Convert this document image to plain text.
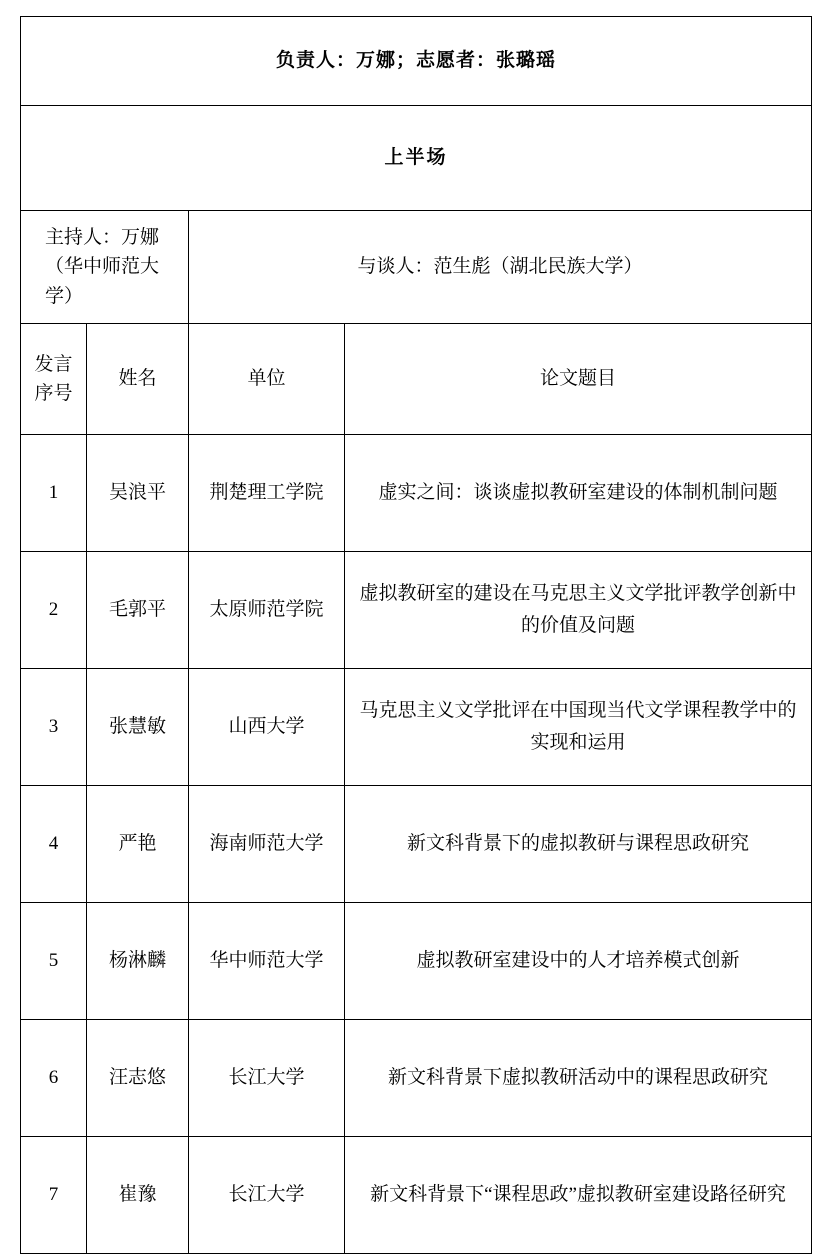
负责人：万娜；志愿者：张璐瑶			
上半场			
主持人：万娜（华中师范大学）		与谈人：范生彪（湖北民族大学）	

发言
序号	姓名	单位	论文题目
1	吴浪平	荆楚理工学院	虚实之间：谈谈虚拟教研室建设的体制机制问题
2	毛郭平	太原师范学院	虚拟教研室的建设在马克思主义文学批评教学创新中的价值及问题
3	张慧敏	山西大学	马克思主义文学批评在中国现当代文学课程教学中的实现和运用
4	严艳	海南师范大学	新文科背景下的虚拟教研与课程思政研究
5	杨淋麟	华中师范大学	虚拟教研室建设中的人才培养模式创新
6	汪志悠	长江大学	新文科背景下虚拟教研活动中的课程思政研究
7	崔豫	长江大学	新文科背景下“课程思政”虚拟教研室建设路径研究
